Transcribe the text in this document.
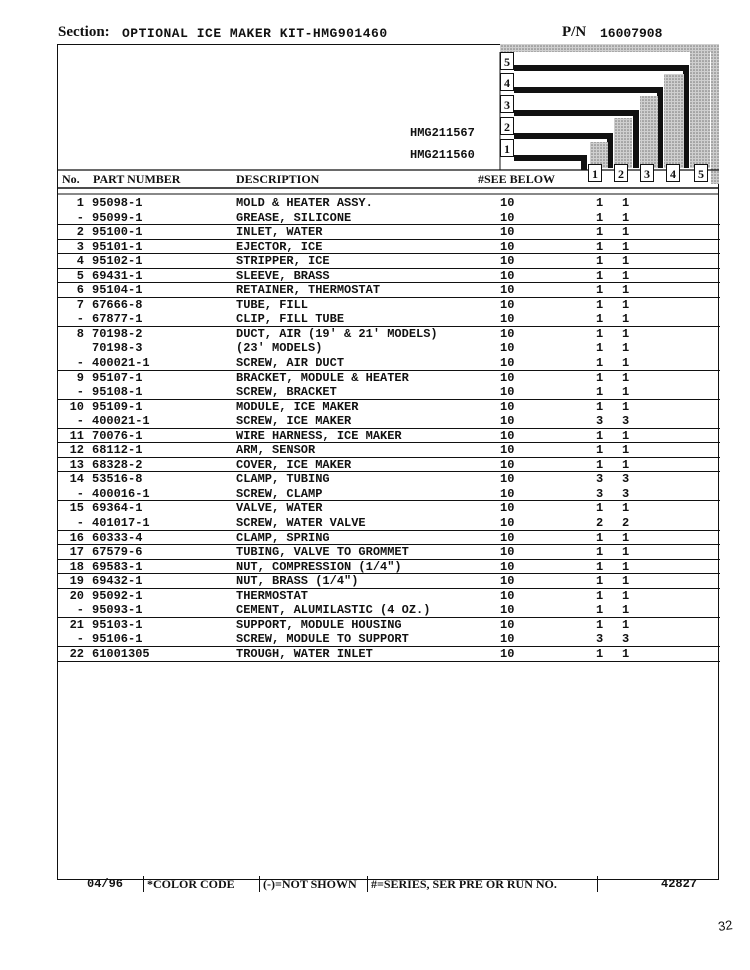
Section: OPTIONAL ICE MAKER KIT-HMG901460	P/N 16007908
5
4
3
2
1
HMG211567
HMG211560
No. PART NUMBER	DESCRIPTION	#SEE BELOW	1	2	3	4	5
1 95098-1	MOLD & HEATER ASSY.	10	1 1
- 95099-1	GREASE, SILICONE	10	1 1
2 95100-1	INLET, WATER	10	1 1
3 95101-1	EJECTOR, ICE	10	1 1
4 95102-1	STRIPPER, ICE	10	1 1
5 69431-1	SLEEVE, BRASS	10	1 1
6 95104-1	RETAINER, THERMOSTAT	10	1 1
7 67666-8	TUBE, FILL	10	1 1
- 67877-1	CLIP, FILL TUBE	10	1 1
8 70198-2	DUCT, AIR (19' & 21' MODELS)	10	1 1
70198-3	(23' MODELS)	10	1 1
- 400021-1	SCREW, AIR DUCT	10	1 1
9 95107-1	BRACKET, MODULE & HEATER	10	1 1
- 95108-1	SCREW, BRACKET	10	1 1
10 95109-1	MODULE, ICE MAKER	10	1 1
- 400021-1	SCREW, ICE MAKER	10	3 3
11 70076-1	WIRE HARNESS, ICE MAKER	10	1 1
12 68112-1	ARM, SENSOR	10	1 1
13 68328-2	COVER, ICE MAKER	10	1 1
14 53516-8	CLAMP, TUBING	10	3 3
- 400016-1	SCREW, CLAMP	10	3 3
15 69364-1	VALVE, WATER	10	1 1
- 401017-1	SCREW, WATER VALVE	10	2 2
16 60333-4	CLAMP, SPRING	10	1 1
17 67579-6	TUBING, VALVE TO GROMMET	10	1 1
18 69583-1	NUT, COMPRESSION (1/4")	10	1 1
19 69432-1	NUT, BRASS (1/4")	10	1 1
20 95092-1	THERMOSTAT	10	1 1
- 95093-1	CEMENT, ALUMILASTIC (4 OZ.)	10	1 1
21 95103-1	SUPPORT, MODULE HOUSING	10	1 1
- 95106-1	SCREW, MODULE TO SUPPORT	10	3 3
22 61001305	TROUGH, WATER INLET	10	1 1
04/96 *COLOR CODE (-)=NOT SHOWN #=SERIES, SER PRE OR RUN NO.	42827
32
